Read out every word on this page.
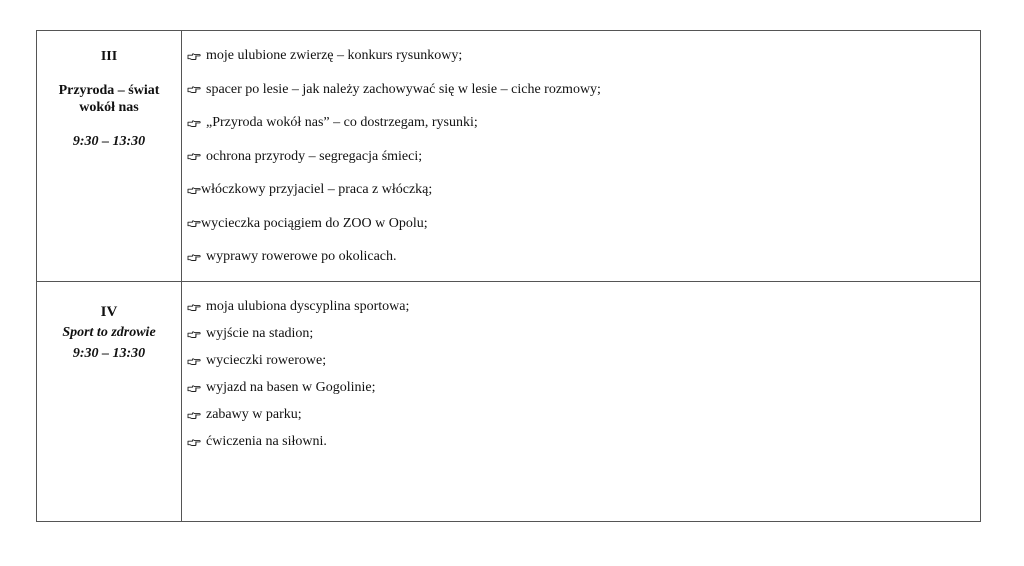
III
Przyroda – świat wokół nas
9:30 – 13:30
moje ulubione zwierzę – konkurs rysunkowy;
spacer po lesie – jak należy zachowywać się w lesie – ciche rozmowy;
„Przyroda wokół nas” – co dostrzegam, rysunki;
ochrona przyrody – segregacja śmieci;
włóczkowy przyjaciel – praca z włóczką;
wycieczka pociągiem do ZOO w Opolu;
wyprawy rowerowe po okolicach.
IV
Sport to zdrowie
9:30 – 13:30
moja ulubiona dyscyplina sportowa;
wyjście na stadion;
wycieczki rowerowe;
wyjazd na basen w Gogolinie;
zabawy w parku;
ćwiczenia na siłowni.
